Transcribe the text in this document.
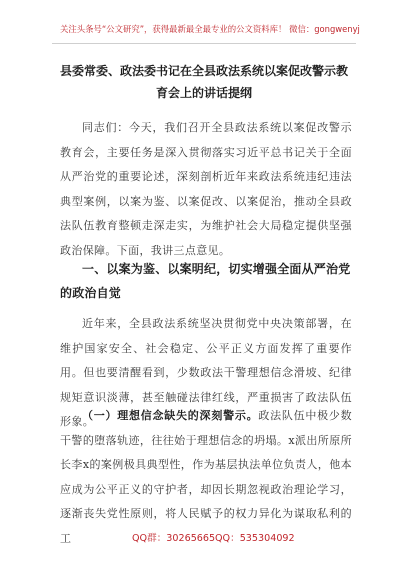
关注头条号“公文研究”，获得最新最全最专业的公文资料库！ 微信：gongwenyj
县委常委、政法委书记在全县政法系统以案促改警示教育会上的讲话提纲
同志们：今天，我们召开全县政法系统以案促改警示教育会，主要任务是深入贯彻落实习近平总书记关于全面从严治党的重要论述，深刻剖析近年来政法系统违纪违法典型案例，以案为鉴、以案促改、以案促治，推动全县政法队伍教育整顿走深走实，为维护社会大局稳定提供坚强政治保障。下面，我讲三点意见。
一、以案为鉴、以案明纪，切实增强全面从严治党的政治自觉
近年来，全县政法系统坚决贯彻党中央决策部署，在维护国家安全、社会稳定、公平正义方面发挥了重要作用。但也要清醒看到，少数政法干警理想信念滑坡、纪律规矩意识淡薄，甚至触碰法律红线，严重损害了政法队伍形象。
（一）理想信念缺失的深刻警示。政法队伍中极少数干警的堕落轨迹，往往始于理想信念的坍塌。x派出所原所长李x的案例极具典型性，作为基层执法单位负责人，他本应成为公平正义的守护者，却因长期忽视政治理论学习，逐渐丧失党性原则，将人民赋予的权力异化为谋取私利的工	QQ群：30265665 QQ：535304092
